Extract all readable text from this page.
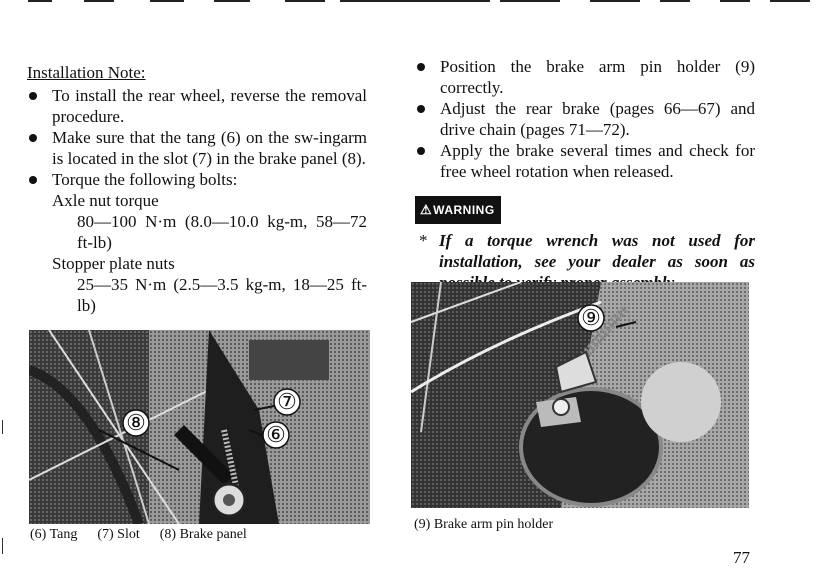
Installation Note:

To install the rear wheel, reverse the removal procedure.

Make sure that the tang (6) on the sw-ingarm is located in the slot (7) in the brake panel (8).

Torque the following bolts:

Axle nut torque
80—100 N·m (8.0—10.0 kg-m, 58—72 ft-lb)
Stopper plate nuts
25—35 N·m (2.5—3.5 kg-m, 18—25 ft-lb)

Position the brake arm pin holder (9) correctly.

Adjust the rear brake (pages 66—67) and drive chain (pages 71—72).

Apply the brake several times and check for free wheel rotation when released.

⚠WARNING
* If a torque wrench was not used for installation, see your dealer as soon as
⑧
⑦
⑥
(6) Tang (7) Slot (8) Brake panel
⑨
(9) Brake arm pin holder
77
